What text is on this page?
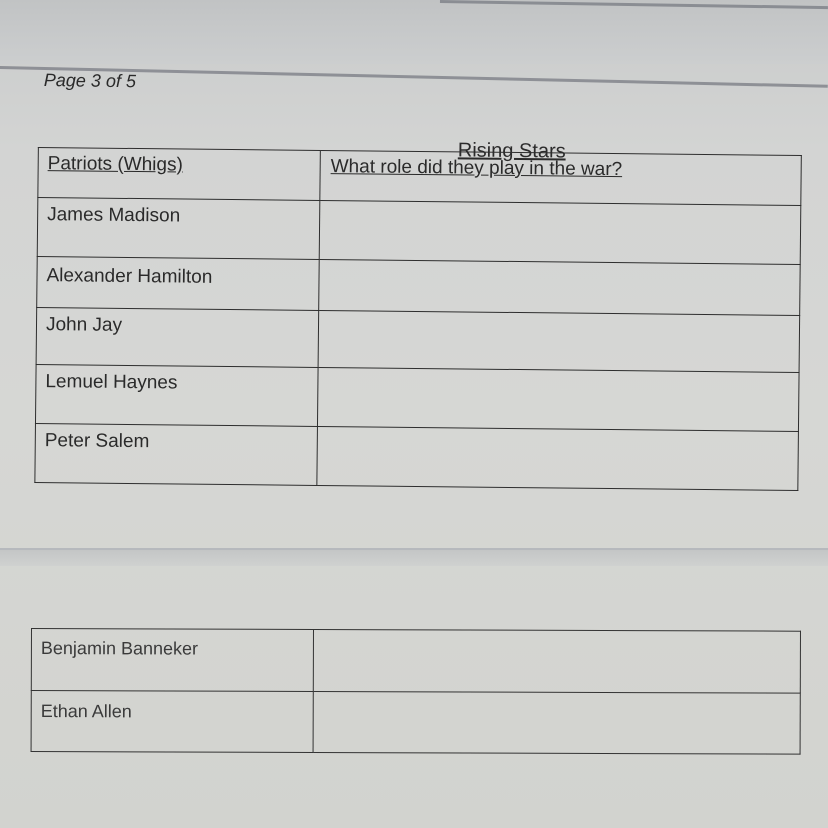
Page 3 of 5
Rising Stars
Patriots (Whigs)	What role did they play in the war?
James Madison	
Alexander Hamilton	
John Jay	
Lemuel Haynes	
Peter Salem	
Benjamin Banneker	
Ethan Allen	
